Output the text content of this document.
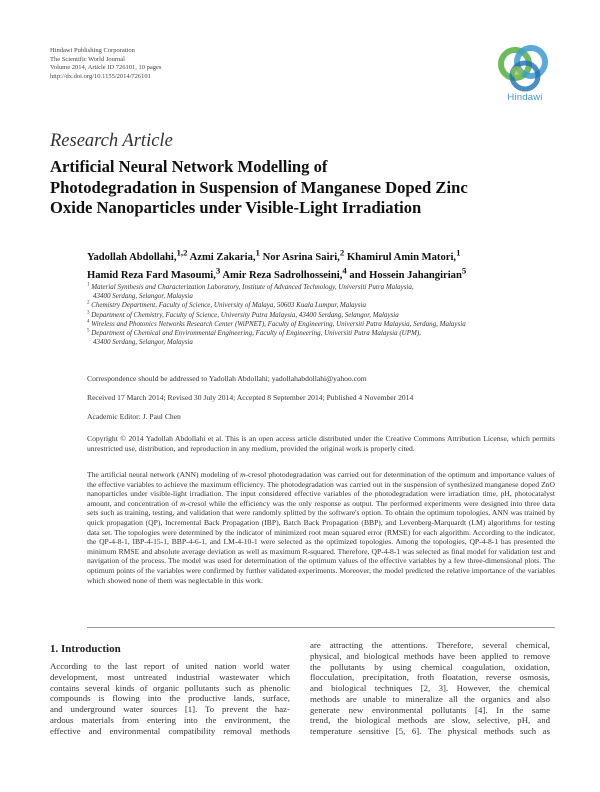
Hindawi Publishing Corporation
The Scientific World Journal
Volume 2014, Article ID 726101, 10 pages
http://dx.doi.org/10.1155/2014/726101
Hindawi
Research Article
Artificial Neural Network Modelling of
Photodegradation in Suspension of Manganese Doped Zinc
Oxide Nanoparticles under Visible-Light Irradiation
Yadollah Abdollahi,$^{1,2}$ Azmi Zakaria,$^1$ Nor Asrina Sairi,$^2$ Khamirul Amin Matori,$^1$
Hamid Reza Fard Masoumi,$^3$ Amir Reza Sadrolhosseini,$^4$ and Hossein Jahangirian$^5$
$^1$ Material Synthesis and Characterization Laboratory, Institute of Advanced Technology, Universiti Putra Malaysia,
43400 Serdang, Selangor, Malaysia
$^2$ Chemistry Department, Faculty of Science, University of Malaya, 50603 Kuala Lumpur, Malaysia
$^3$ Department of Chemistry, Faculty of Science, University Putra Malaysia, 43400 Serdang, Selangor, Malaysia
$^4$ Wireless and Photonics Networks Research Center (WiPNET), Faculty of Engineering, Universiti Putra Malaysia, Serdang, Malaysia
$^5$ Department of Chemical and Environmental Engineering, Faculty of Engineering, Universiti Putra Malaysia (UPM),
43400 Serdang, Selangor, Malaysia
Correspondence should be addressed to Yadollah Abdollahi; yadollahabdollahi@yahoo.com
Received 17 March 2014; Revised 30 July 2014; Accepted 8 September 2014; Published 4 November 2014
Academic Editor: J. Paul Chen
Copyright © 2014 Yadollah Abdollahi et al. This is an open access article distributed under the Creative Commons Attribution License, which permits unrestricted use, distribution, and reproduction in any medium, provided the original work is properly cited.
The artificial neural network (ANN) modeling of m-cresol photodegradation was carried out for determination of the optimum and importance values of the effective variables to achieve the maximum efficiency. The photodegradation was carried out in the suspension of synthesized manganese doped ZnO nanoparticles under visible-light irradiation. The input considered effective variables of the photodegradation were irradiation time, pH, photocatalyst amount, and concentration of m-cresol while the efficiency was the only response as output. The performed experiments were designed into three data sets such as training, testing, and validation that were randomly splitted by the software's option. To obtain the optimum topologies, ANN was trained by quick propagation (QP), Incremental Back Propagation (IBP), Batch Back Propagation (BBP), and Levenberg-Marquardt (LM) algorithms for testing data set. The topologies were determined by the indicator of minimized root mean squared error (RMSE) for each algorithm. According to the indicator, the QP-4-8-1, IBP-4-15-1, BBP-4-6-1, and LM-4-10-1 were selected as the optimized topologies. Among the topologies, QP-4-8-1 has presented the minimum RMSE and absolute average deviation as well as maximum R-squared. Therefore, QP-4-8-1 was selected as final model for validation test and navigation of the process. The model was used for determination of the optimum values of the effective variables by a few three-dimensional plots. The optimum points of the variables were confirmed by further validated experiments. Moreover, the model predicted the relative importance of the variables which showed none of them was neglectable in this work.
1. Introduction
According to the last report of united nation world water
development, most untreated industrial wastewater which
contains several kinds of organic pollutants such as phenolic
compounds is flowing into the productive lands, surface,
and underground water sources [1]. To prevent the haz-
ardous materials from entering into the environment, the
effective and environmental compatibility removal methods
are attracting the attentions. Therefore, several chemical,
physical, and biological methods have been applied to remove
the pollutants by using chemical coagulation, oxidation,
flocculation, precipitation, froth floatation, reverse osmosis,
and biological techniques [2, 3]. However, the chemical
methods are unable to mineralize all the organics and also
generate new environmental pollutants [4]. In the same
trend, the biological methods are slow, selective, pH, and
temperature sensitive [5, 6]. The physical methods such as
